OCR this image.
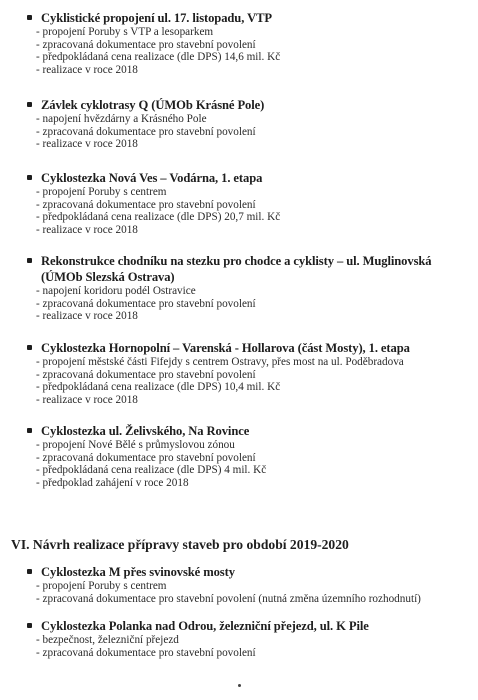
Cyklistické propojení ul. 17. listopadu, VTP
- propojení Poruby s VTP a lesoparkem
- zpracovaná dokumentace pro stavební povolení
- předpokládaná cena realizace (dle DPS) 14,6 mil. Kč
- realizace v roce 2018
Závlek cyklotrasy Q (ÚMOb Krásné Pole)
- napojení hvězdárny a Krásného Pole
- zpracovaná dokumentace pro stavební povolení
- realizace v roce 2018
Cyklostezka Nová Ves – Vodárna, 1. etapa
- propojení Poruby s centrem
- zpracovaná dokumentace pro stavební povolení
- předpokládaná cena realizace (dle DPS) 20,7 mil. Kč
- realizace v roce 2018
Rekonstrukce chodníku na stezku pro chodce a cyklisty – ul. Muglinovská (ÚMOb Slezská Ostrava)
- napojení koridoru podél Ostravice
- zpracovaná dokumentace pro stavební povolení
- realizace v roce 2018
Cyklostezka Hornopolní – Varenská - Hollarova (část Mosty), 1. etapa
- propojení městské části Fifejdy s centrem Ostravy, přes most na ul. Poděbradova
- zpracovaná dokumentace pro stavební povolení
- předpokládaná cena realizace (dle DPS) 10,4 mil. Kč
- realizace v roce 2018
Cyklostezka ul. Želivského, Na Rovince
- propojení Nové Bělé s průmyslovou zónou
- zpracovaná dokumentace pro stavební povolení
- předpokládaná cena realizace (dle DPS) 4 mil. Kč
- předpoklad zahájení v roce 2018
VI. Návrh realizace přípravy staveb pro období 2019-2020
Cyklostezka M přes svinovské mosty
- propojení Poruby s centrem
- zpracovaná dokumentace pro stavební povolení (nutná změna územního rozhodnutí)
Cyklostezka Polanka nad Odrou, železniční přejezd, ul. K Pile
- bezpečnost, železniční přejezd
- zpracovaná dokumentace pro stavební povolení
